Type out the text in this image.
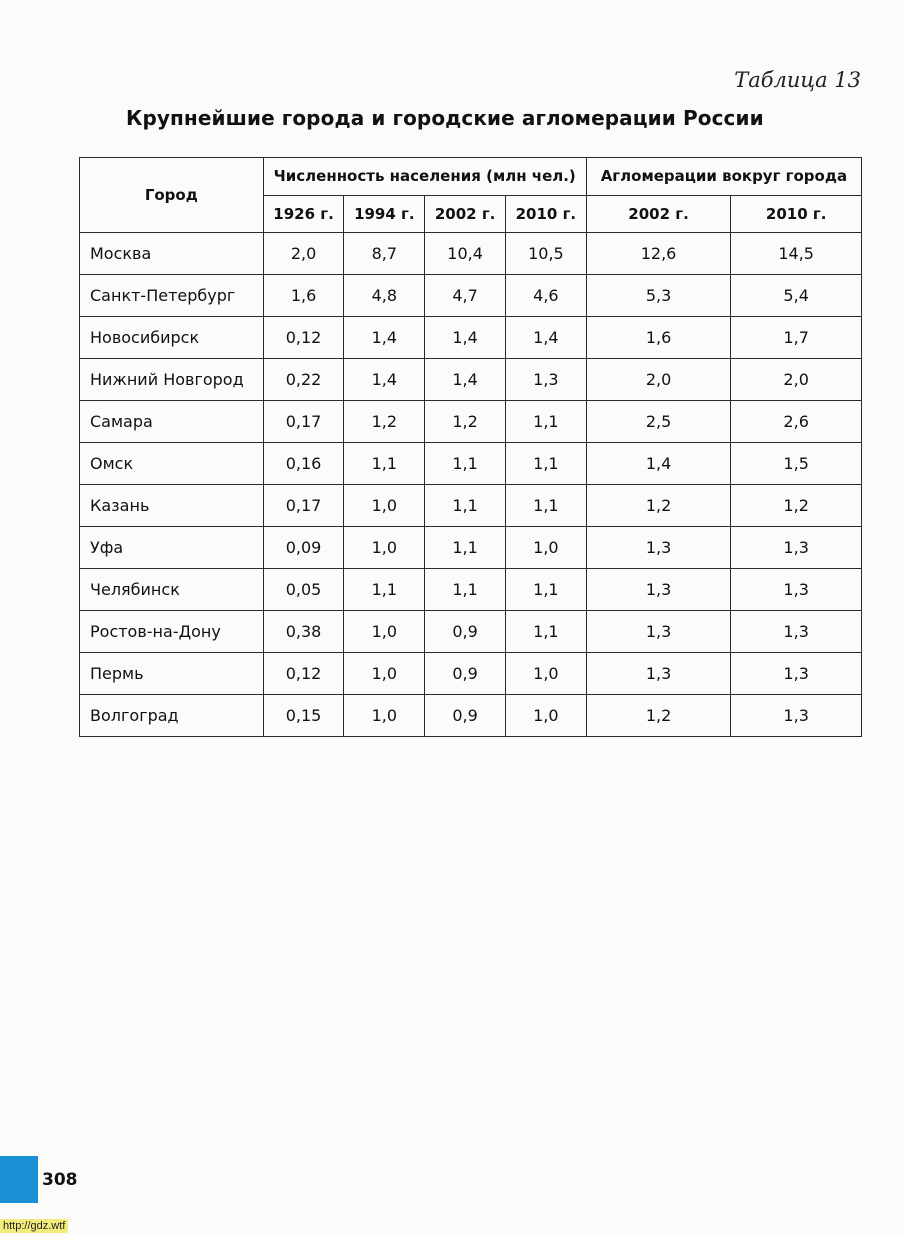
Таблица 13
Крупнейшие города и городские агломерации России
Город	Численность населения (млн чел.)				Агломерации вокруг города	
	1926 г.	1994 г.	2002 г.	2010 г.	2002 г.	2010 г.
Москва	2,0	8,7	10,4	10,5	12,6	14,5
Санкт-Петербург	1,6	4,8	4,7	4,6	5,3	5,4
Новосибирск	0,12	1,4	1,4	1,4	1,6	1,7
Нижний Новгород	0,22	1,4	1,4	1,3	2,0	2,0
Самара	0,17	1,2	1,2	1,1	2,5	2,6
Омск	0,16	1,1	1,1	1,1	1,4	1,5
Казань	0,17	1,0	1,1	1,1	1,2	1,2
Уфа	0,09	1,0	1,1	1,0	1,3	1,3
Челябинск	0,05	1,1	1,1	1,1	1,3	1,3
Ростов-на-Дону	0,38	1,0	0,9	1,1	1,3	1,3
Пермь	0,12	1,0	0,9	1,0	1,3	1,3
Волгоград	0,15	1,0	0,9	1,0	1,2	1,3
308
http://gdz.wtf
